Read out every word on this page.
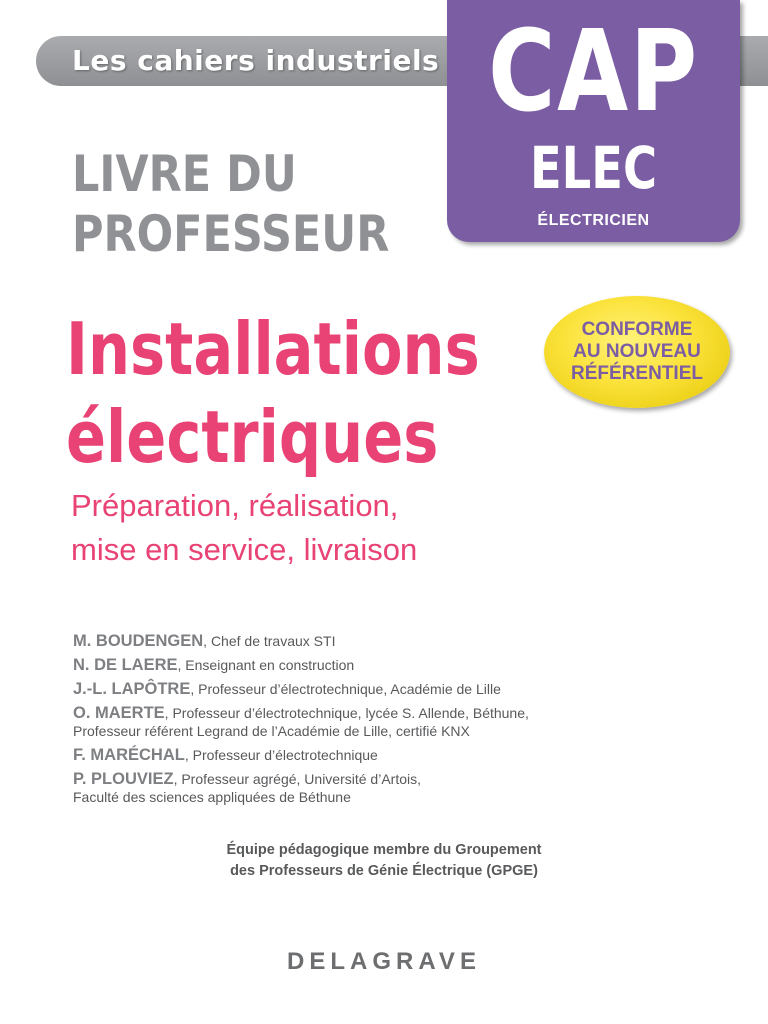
Les cahiers industriels CAP
ELEC
ÉLECTRICIEN
LIVRE DU
PROFESSEUR
CONFORME
AU NOUVEAU
RÉFÉRENTIEL
Installations
électriques
Préparation, réalisation,
mise en service, livraison
M. BOUDENGEN, Chef de travaux STI
N. DE LAERE, Enseignant en construction
J.-L. LAPÔTRE, Professeur d’électrotechnique, Académie de Lille
O. MAERTE, Professeur d’électrotechnique, lycée S. Allende, Béthune,
Professeur référent Legrand de l’Académie de Lille, certifié KNX
F. MARÉCHAL, Professeur d’électrotechnique
P. PLOUVIEZ, Professeur agrégé, Université d’Artois,
Faculté des sciences appliquées de Béthune
Équipe pédagogique membre du Groupement
des Professeurs de Génie Électrique (GPGE)
DELAGRAVE
